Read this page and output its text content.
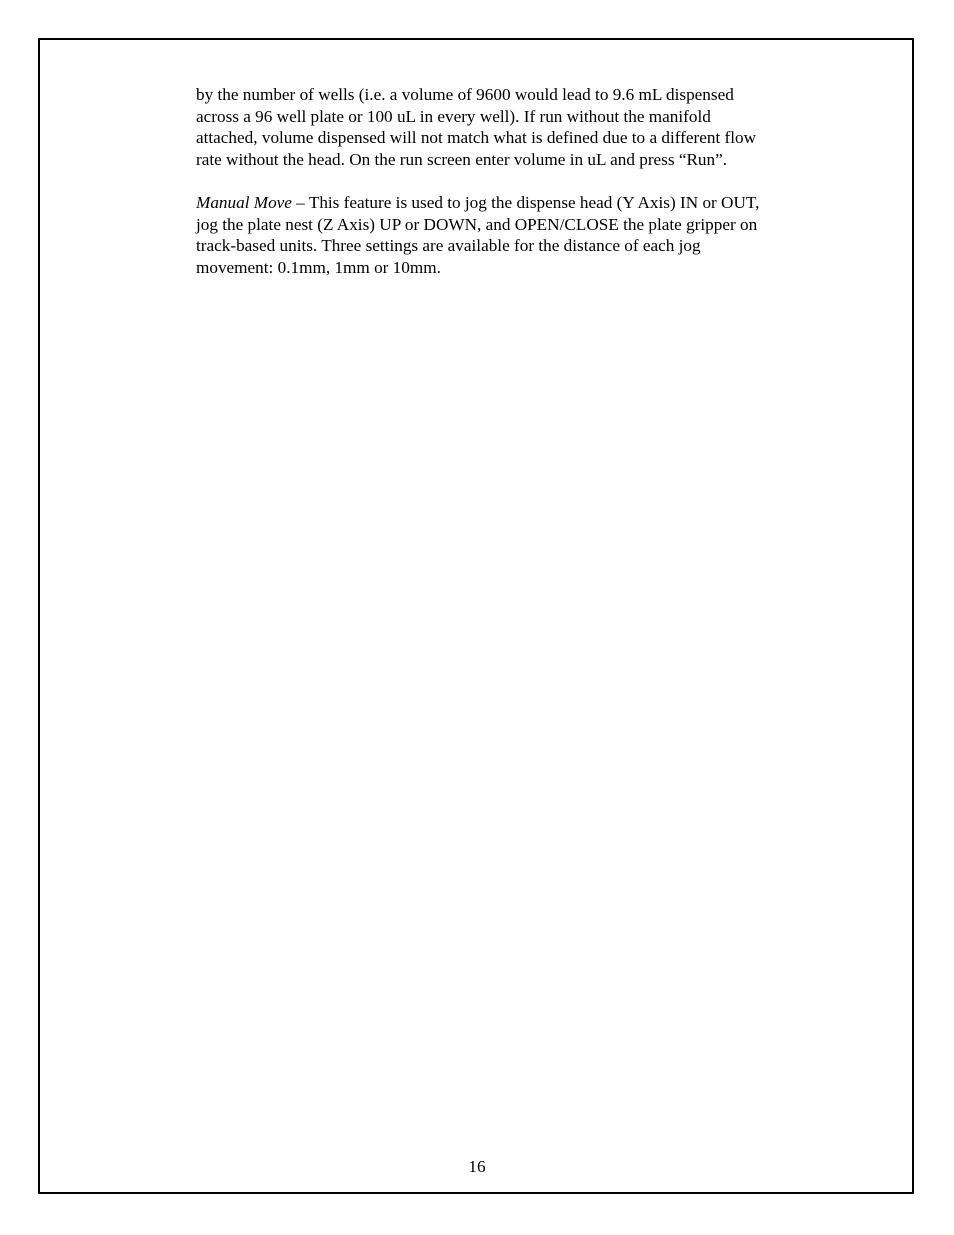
by the number of wells (i.e. a volume of 9600 would lead to 9.6 mL dispensed
across a 96 well plate or 100 uL in every well). If run without the manifold
attached, volume dispensed will not match what is defined due to a different flow
rate without the head. On the run screen enter volume in uL and press “Run”.

Manual Move – This feature is used to jog the dispense head (Y Axis) IN or OUT,
jog the plate nest (Z Axis) UP or DOWN, and OPEN/CLOSE the plate gripper on
track-based units. Three settings are available for the distance of each jog
movement: 0.1mm, 1mm or 10mm.

16
